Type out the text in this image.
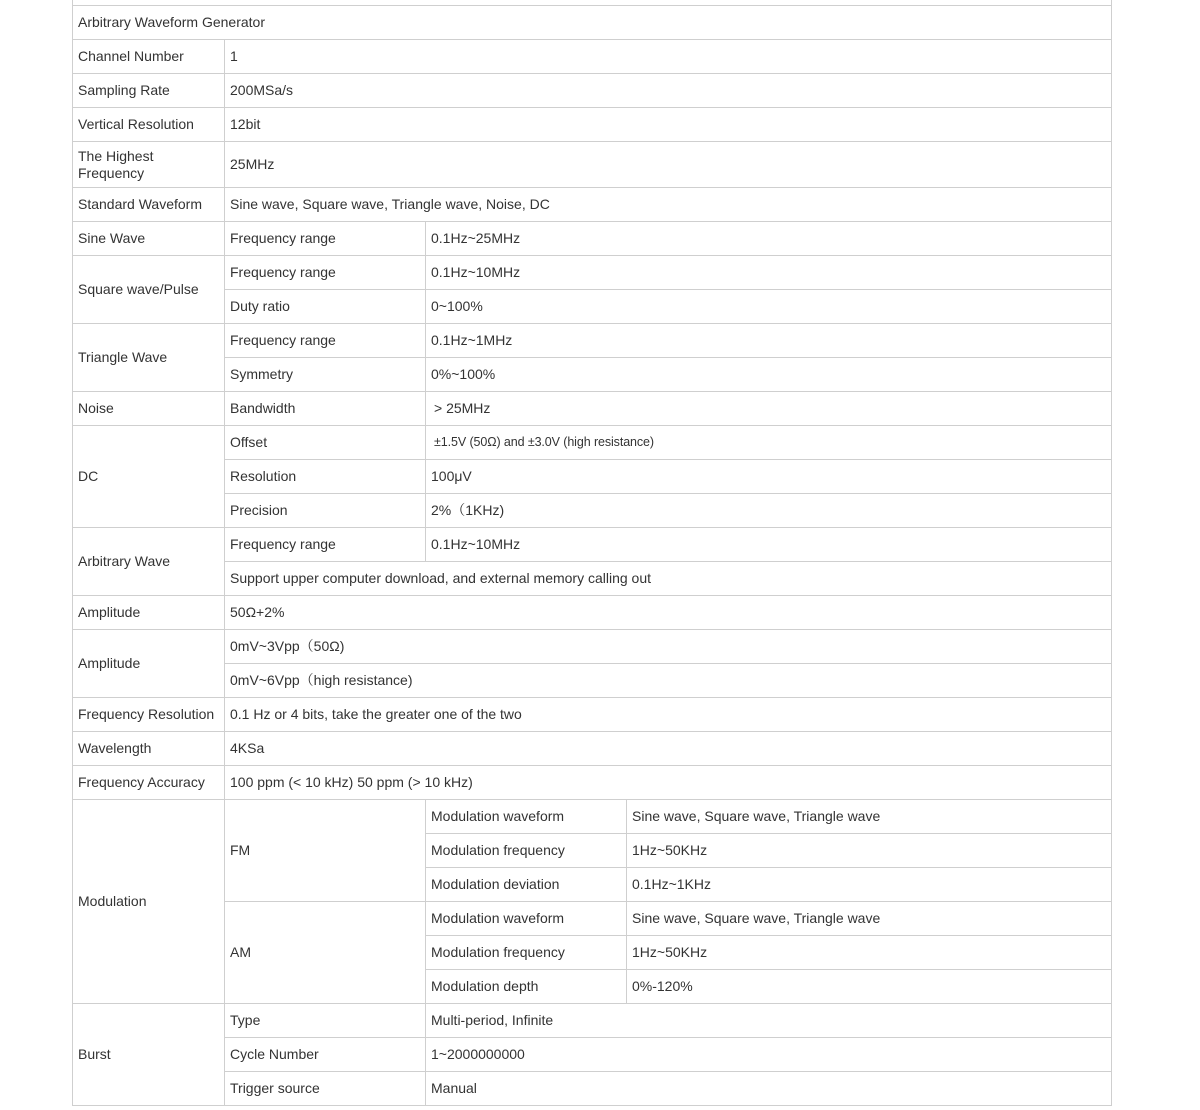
Arbitrary Waveform Generator			
Channel Number	1		
Sampling Rate	200MSa/s		
Vertical Resolution	12bit		
The Highest Frequency	25MHz		
Standard Waveform	Sine wave, Square wave, Triangle wave, Noise, DC		
Sine Wave	Frequency range	0.1Hz~25MHz	
Square wave/Pulse	Frequency range	0.1Hz~10MHz	
	Duty ratio	0~100%	
Triangle Wave	Frequency range	0.1Hz~1MHz	
	Symmetry	0%~100%	
Noise	Bandwidth	> 25MHz	
DC	Offset	±1.5V (50Ω) and ±3.0V (high resistance)	
	Resolution	100μV	
	Precision	2%（1KHz)	
Arbitrary Wave	Frequency range	0.1Hz~10MHz	
	Support upper computer download, and external memory calling out		
Amplitude	50Ω+2%		
Amplitude	0mV~3Vpp（50Ω)		
	0mV~6Vpp（high resistance)		
Frequency Resolution	0.1 Hz or 4 bits, take the greater one of the two		
Wavelength	4KSa		
Frequency Accuracy	100 ppm (< 10 kHz) 50 ppm (> 10 kHz)		
Modulation	FM	Modulation waveform	Sine wave, Square wave, Triangle wave
		Modulation frequency	1Hz~50KHz
		Modulation deviation	0.1Hz~1KHz
	AM	Modulation waveform	Sine wave, Square wave, Triangle wave
		Modulation frequency	1Hz~50KHz
		Modulation depth	0%-120%
Burst	Type	Multi-period, Infinite	
	Cycle Number	1~2000000000	
	Trigger source	Manual	
